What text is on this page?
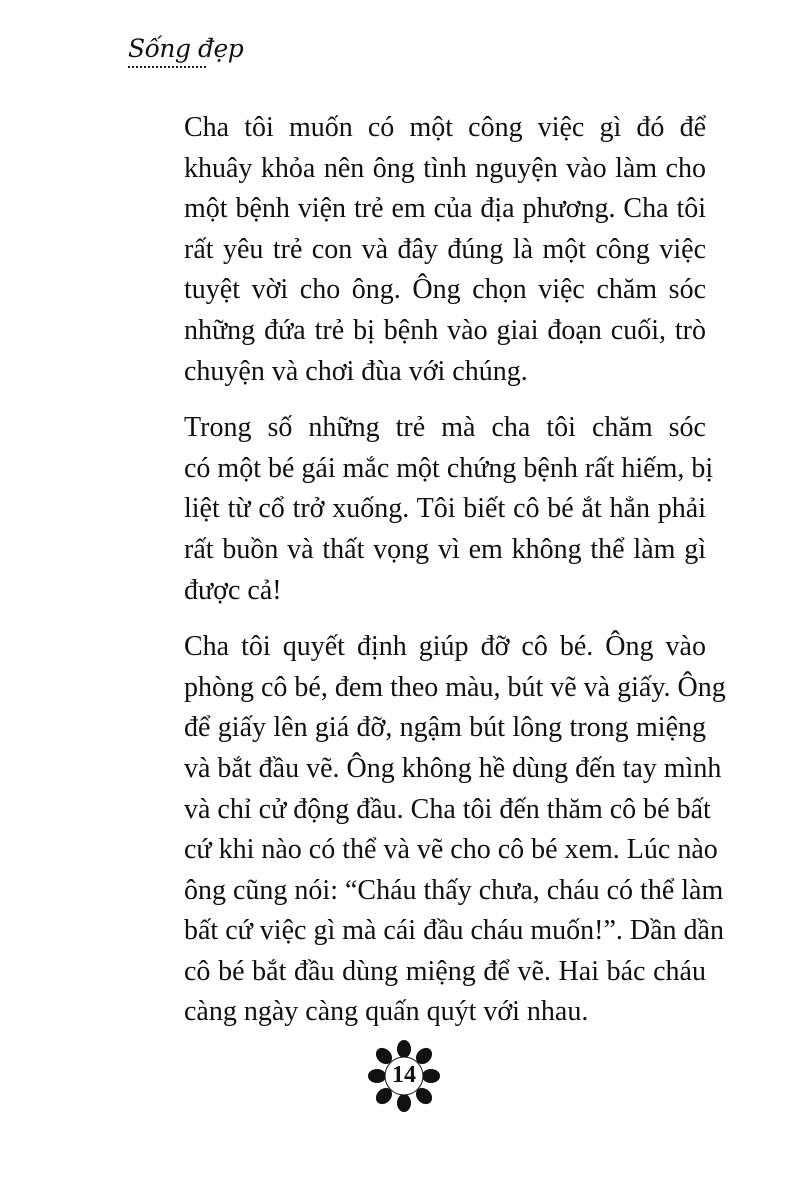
Sống đẹp
Cha tôi muốn có một công việc gì đó để
khuây khỏa nên ông tình nguyện vào làm cho
một bệnh viện trẻ em của địa phương. Cha tôi
rất yêu trẻ con và đây đúng là một công việc
tuyệt vời cho ông. Ông chọn việc chăm sóc
những đứa trẻ bị bệnh vào giai đoạn cuối, trò
chuyện và chơi đùa với chúng.
Trong số những trẻ mà cha tôi chăm sóc
có một bé gái mắc một chứng bệnh rất hiếm, bị
liệt từ cổ trở xuống. Tôi biết cô bé ắt hẳn phải
rất buồn và thất vọng vì em không thể làm gì
được cả!
Cha tôi quyết định giúp đỡ cô bé. Ông vào
phòng cô bé, đem theo màu, bút vẽ và giấy. Ông
để giấy lên giá đỡ, ngậm bút lông trong miệng
và bắt đầu vẽ. Ông không hề dùng đến tay mình
và chỉ cử động đầu. Cha tôi đến thăm cô bé bất
cứ khi nào có thể và vẽ cho cô bé xem. Lúc nào
ông cũng nói: “Cháu thấy chưa, cháu có thể làm
bất cứ việc gì mà cái đầu cháu muốn!”. Dần dần
cô bé bắt đầu dùng miệng để vẽ. Hai bác cháu
càng ngày càng quấn quýt với nhau.
14
